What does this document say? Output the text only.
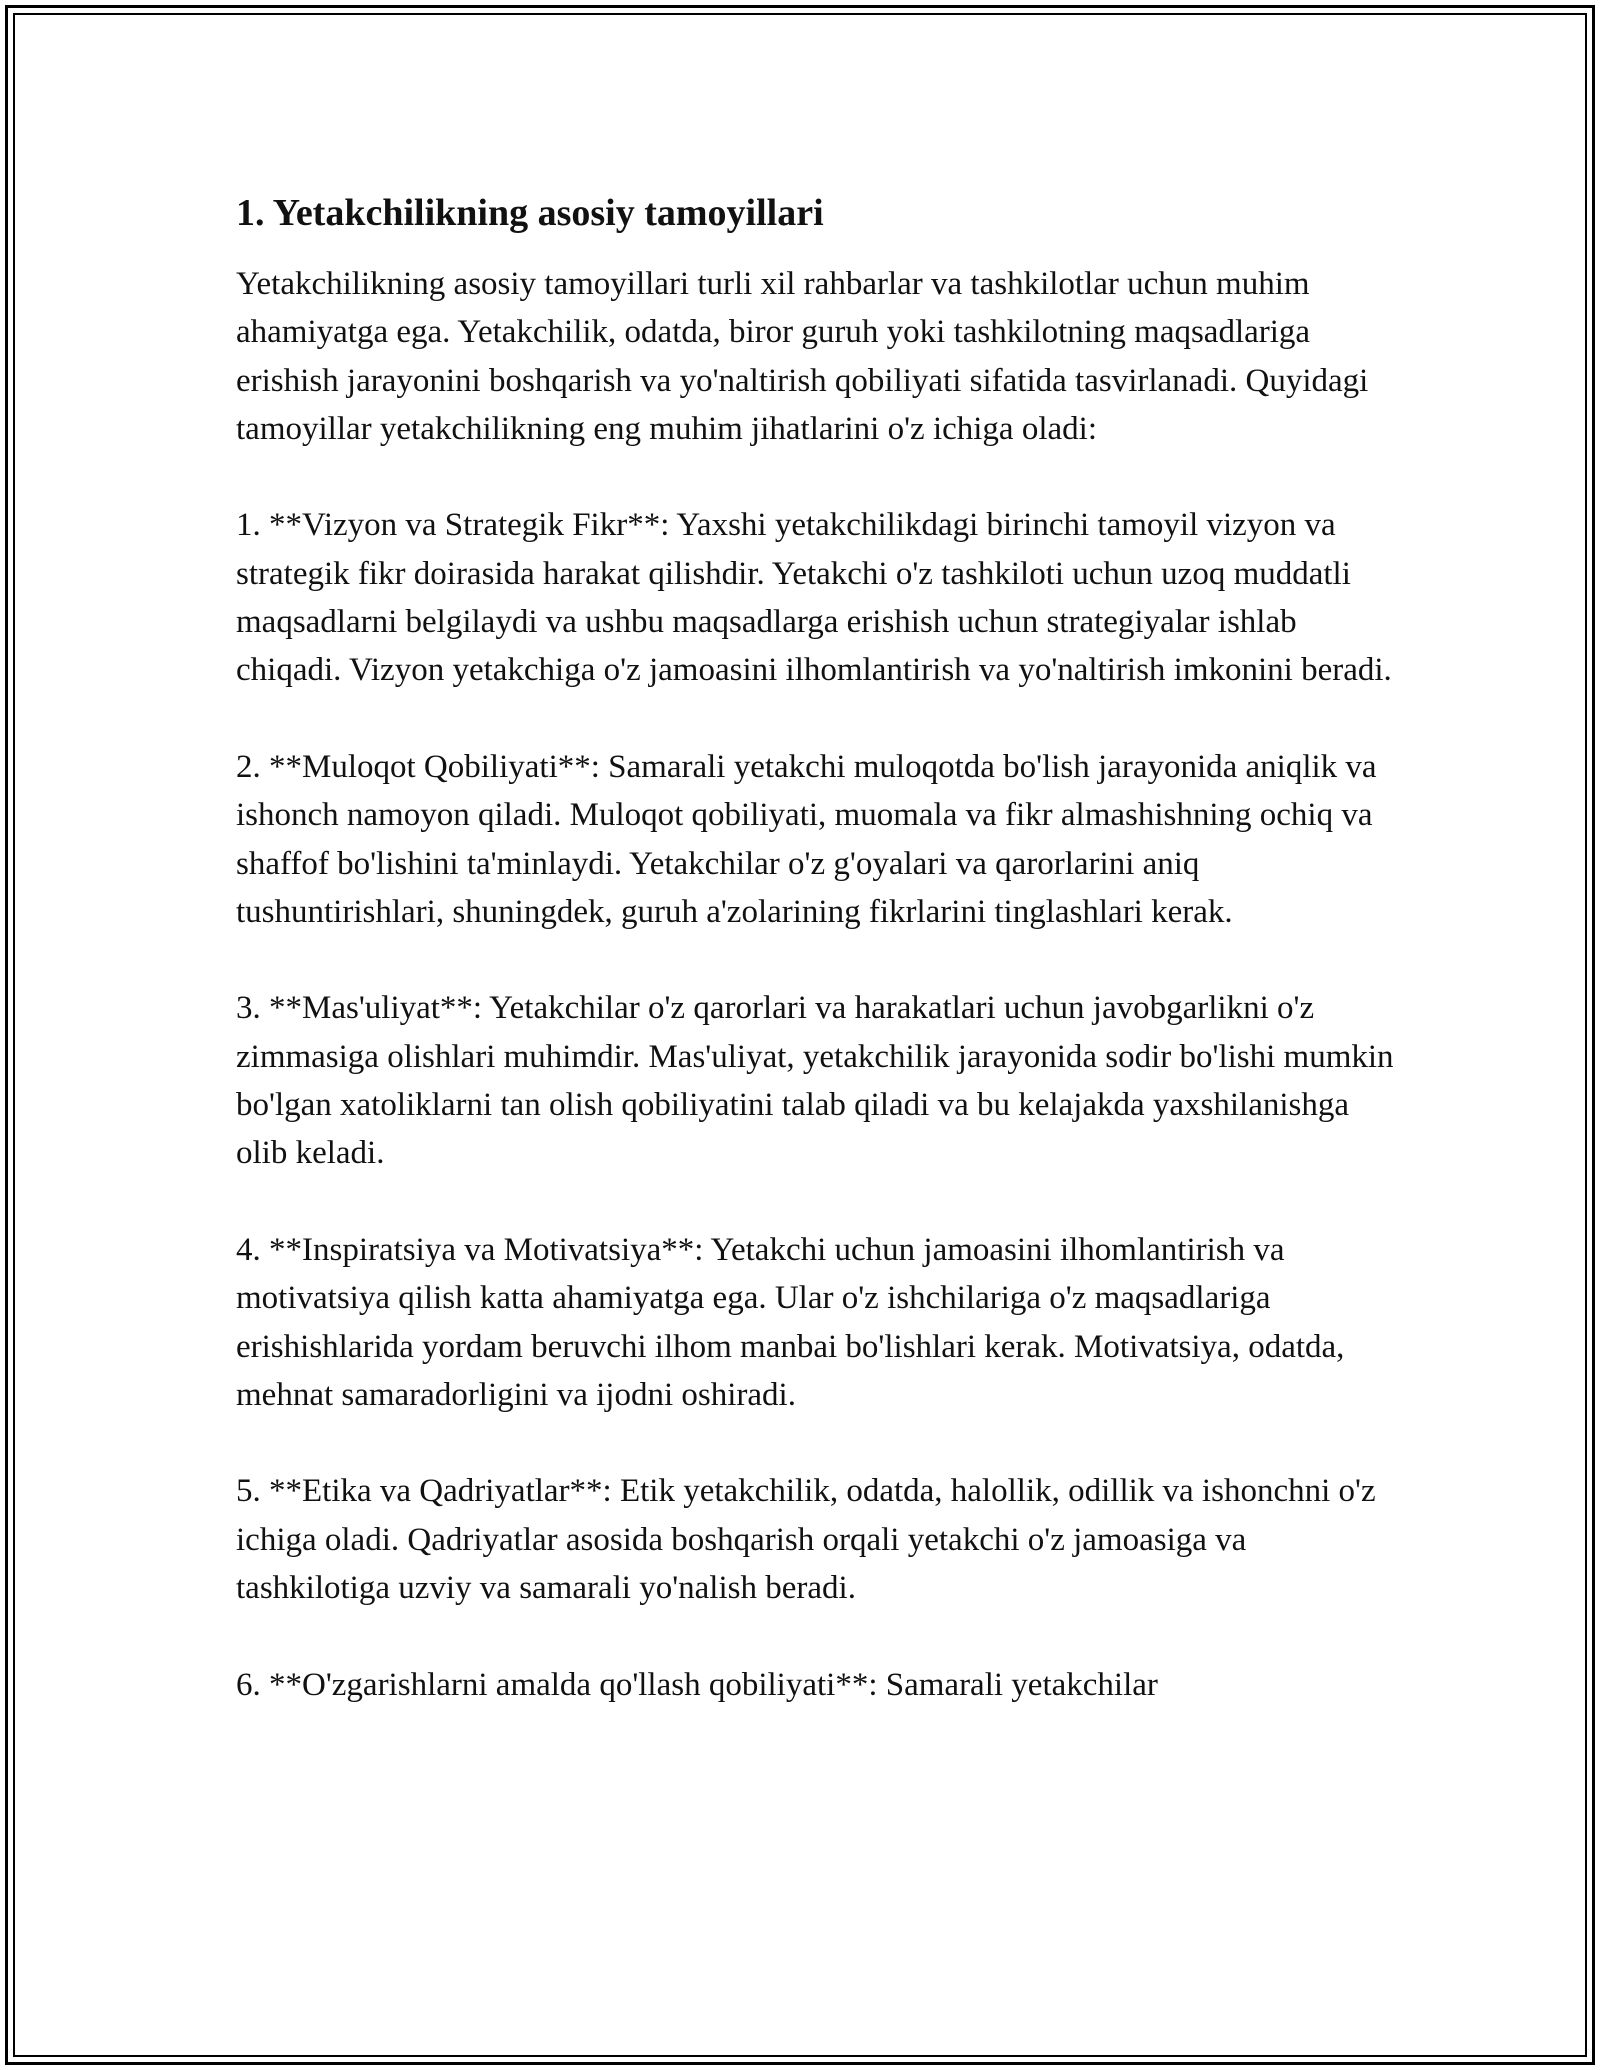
1. Yetakchilikning asosiy tamoyillari

Yetakchilikning asosiy tamoyillari turli xil rahbarlar va tashkilotlar uchun muhim ahamiyatga ega. Yetakchilik, odatda, biror guruh yoki tashkilotning maqsadlariga erishish jarayonini boshqarish va yo'naltirish qobiliyati sifatida tasvirlanadi. Quyidagi tamoyillar yetakchilikning eng muhim jihatlarini o'z ichiga oladi:

1. **Vizyon va Strategik Fikr**: Yaxshi yetakchilikdagi birinchi tamoyil vizyon va strategik fikr doirasida harakat qilishdir. Yetakchi o'z tashkiloti uchun uzoq muddatli maqsadlarni belgilaydi va ushbu maqsadlarga erishish uchun strategiyalar ishlab chiqadi. Vizyon yetakchiga o'z jamoasini ilhomlantirish va yo'naltirish imkonini beradi.

2. **Muloqot Qobiliyati**: Samarali yetakchi muloqotda bo'lish jarayonida aniqlik va ishonch namoyon qiladi. Muloqot qobiliyati, muomala va fikr almashishning ochiq va shaffof bo'lishini ta'minlaydi. Yetakchilar o'z g'oyalari va qarorlarini aniq tushuntirishlari, shuningdek, guruh a'zolarining fikrlarini tinglashlari kerak.

3. **Mas'uliyat**: Yetakchilar o'z qarorlari va harakatlari uchun javobgarlikni o'z zimmasiga olishlari muhimdir. Mas'uliyat, yetakchilik jarayonida sodir bo'lishi mumkin bo'lgan xatoliklarni tan olish qobiliyatini talab qiladi va bu kelajakda yaxshilanishga olib keladi.

4. **Inspiratsiya va Motivatsiya**: Yetakchi uchun jamoasini ilhomlantirish va motivatsiya qilish katta ahamiyatga ega. Ular o'z ishchilariga o'z maqsadlariga erishishlarida yordam beruvchi ilhom manbai bo'lishlari kerak. Motivatsiya, odatda, mehnat samaradorligini va ijodni oshiradi.

5. **Etika va Qadriyatlar**: Etik yetakchilik, odatda, halollik, odillik va ishonchni o'z ichiga oladi. Qadriyatlar asosida boshqarish orqali yetakchi o'z jamoasiga va tashkilotiga uzviy va samarali yo'nalish beradi.

6. **O'zgarishlarni amalda qo'llash qobiliyati**: Samarali yetakchilar
